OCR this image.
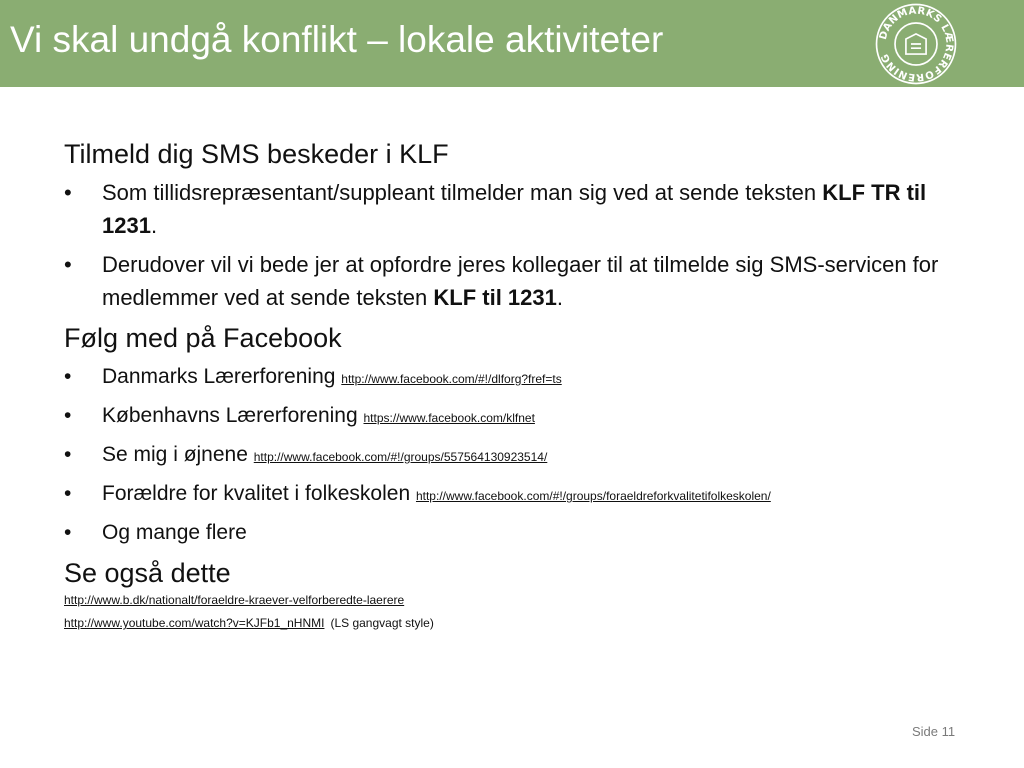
Vi skal undgå konflikt – lokale aktiviteter	DANMARKS LÆRERFORENING

Tilmeld dig SMS beskeder i KLF

• Som tillidsrepræsentant/suppleant tilmelder man sig ved at sende teksten KLF TR til 1231.
• Derudover vil vi bede jer at opfordre jeres kollegaer til at tilmelde sig SMS-servicen for medlemmer ved at sende teksten KLF til 1231.

Følg med på Facebook

• Danmarks Lærerforening http://www.facebook.com/#!/dlforg?fref=ts
• Københavns Lærerforening https://www.facebook.com/klfnet
• Se mig i øjnene http://www.facebook.com/#!/groups/557564130923514/
• Forældre for kvalitet i folkeskolen http://www.facebook.com/#!/groups/foraeldreforkvalitetifolkeskolen/
• Og mange flere

Se også dette

http://www.b.dk/nationalt/foraeldre-kraever-velforberedte-laerere
http://www.youtube.com/watch?v=KJFb1_nHNMI (LS gangvagt style)
Side 11
